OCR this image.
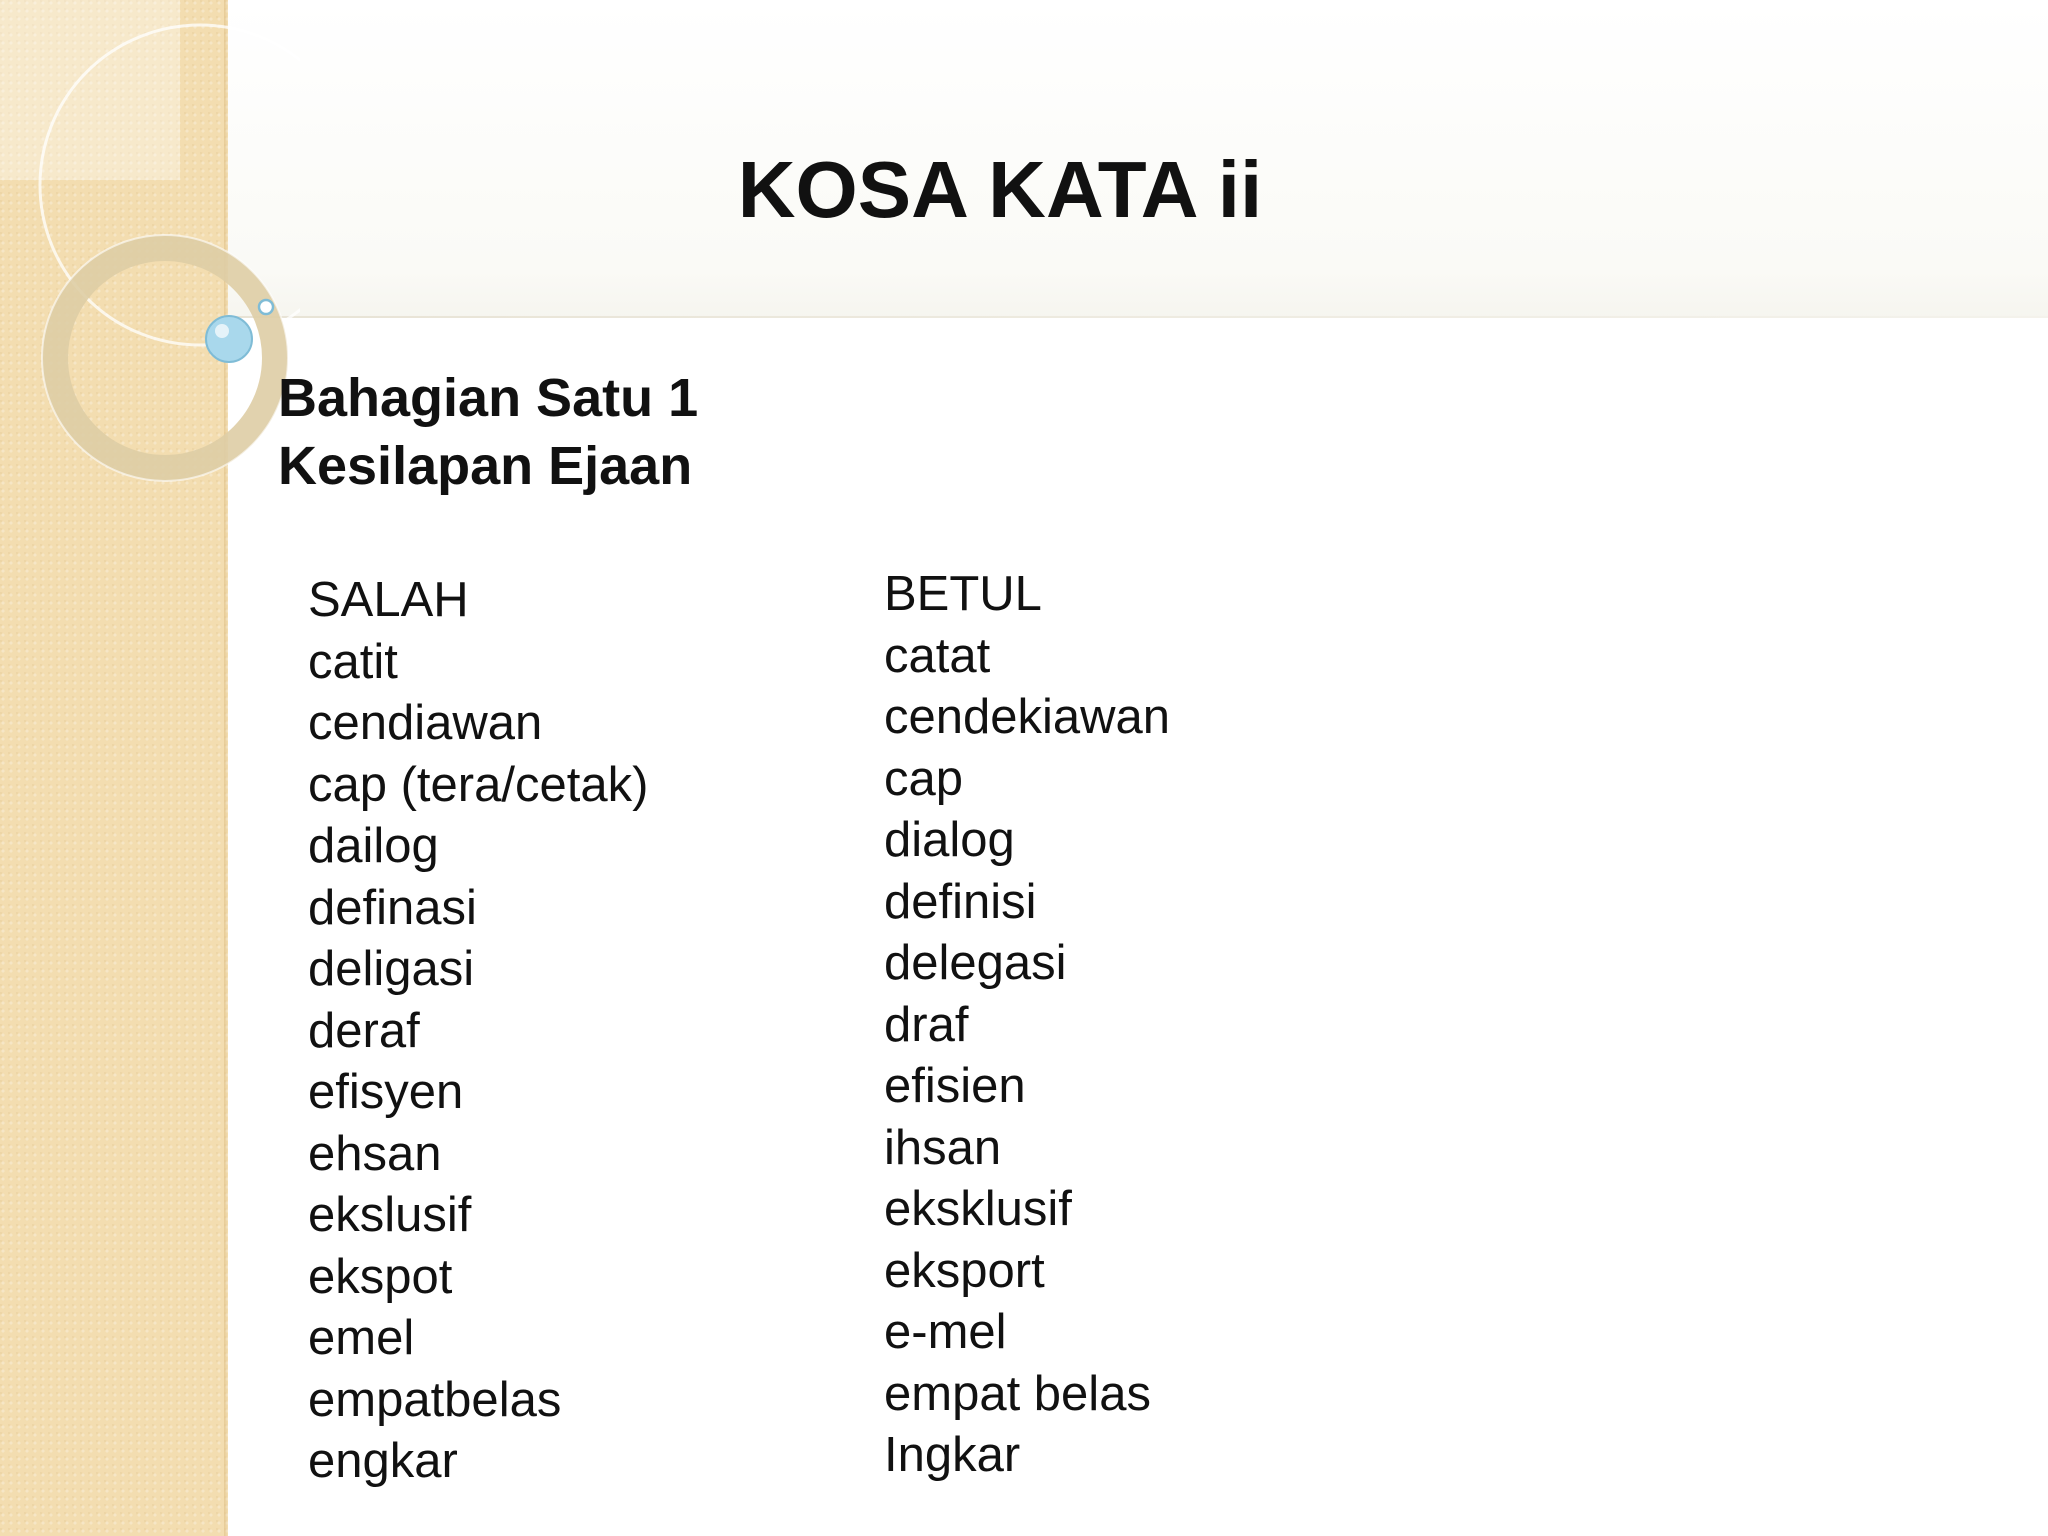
KOSA KATA ii
Bahagian Satu 1
Kesilapan Ejaan
SALAH
catit
cendiawan
cap (tera/cetak)
dailog
definasi
deligasi
deraf
efisyen
ehsan
ekslusif
ekspot
emel
empatbelas
engkar
BETUL
catat
cendekiawan
cap
dialog
definisi
delegasi
draf
efisien
ihsan
eksklusif
eksport
e-mel
empat belas
Ingkar
